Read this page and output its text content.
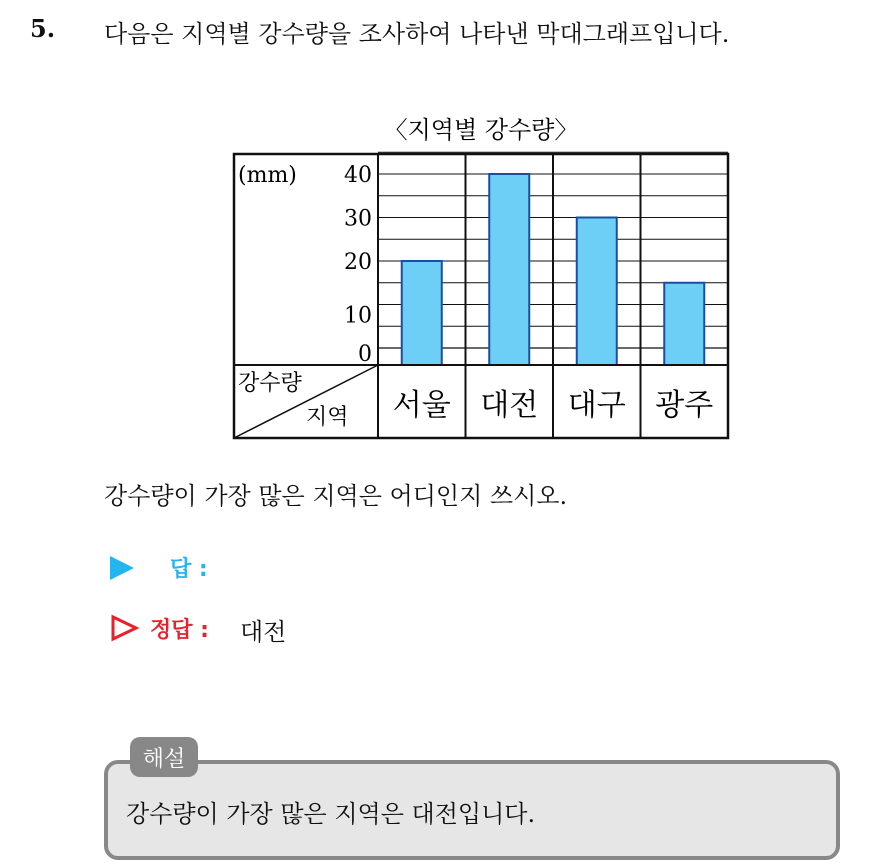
5. 다음은 지역별 강수량을 조사하여 나타낸 막대그래프입니다.
〈지역별 강수량〉
(mm) 40
30
20
10
0
강수량
지역 서울 대전 대구 광주
강수량이 가장 많은 지역은 어디인지 쓰시오.
답 :
정답 : 대전
해설
강수량이 가장 많은 지역은 대전입니다.
